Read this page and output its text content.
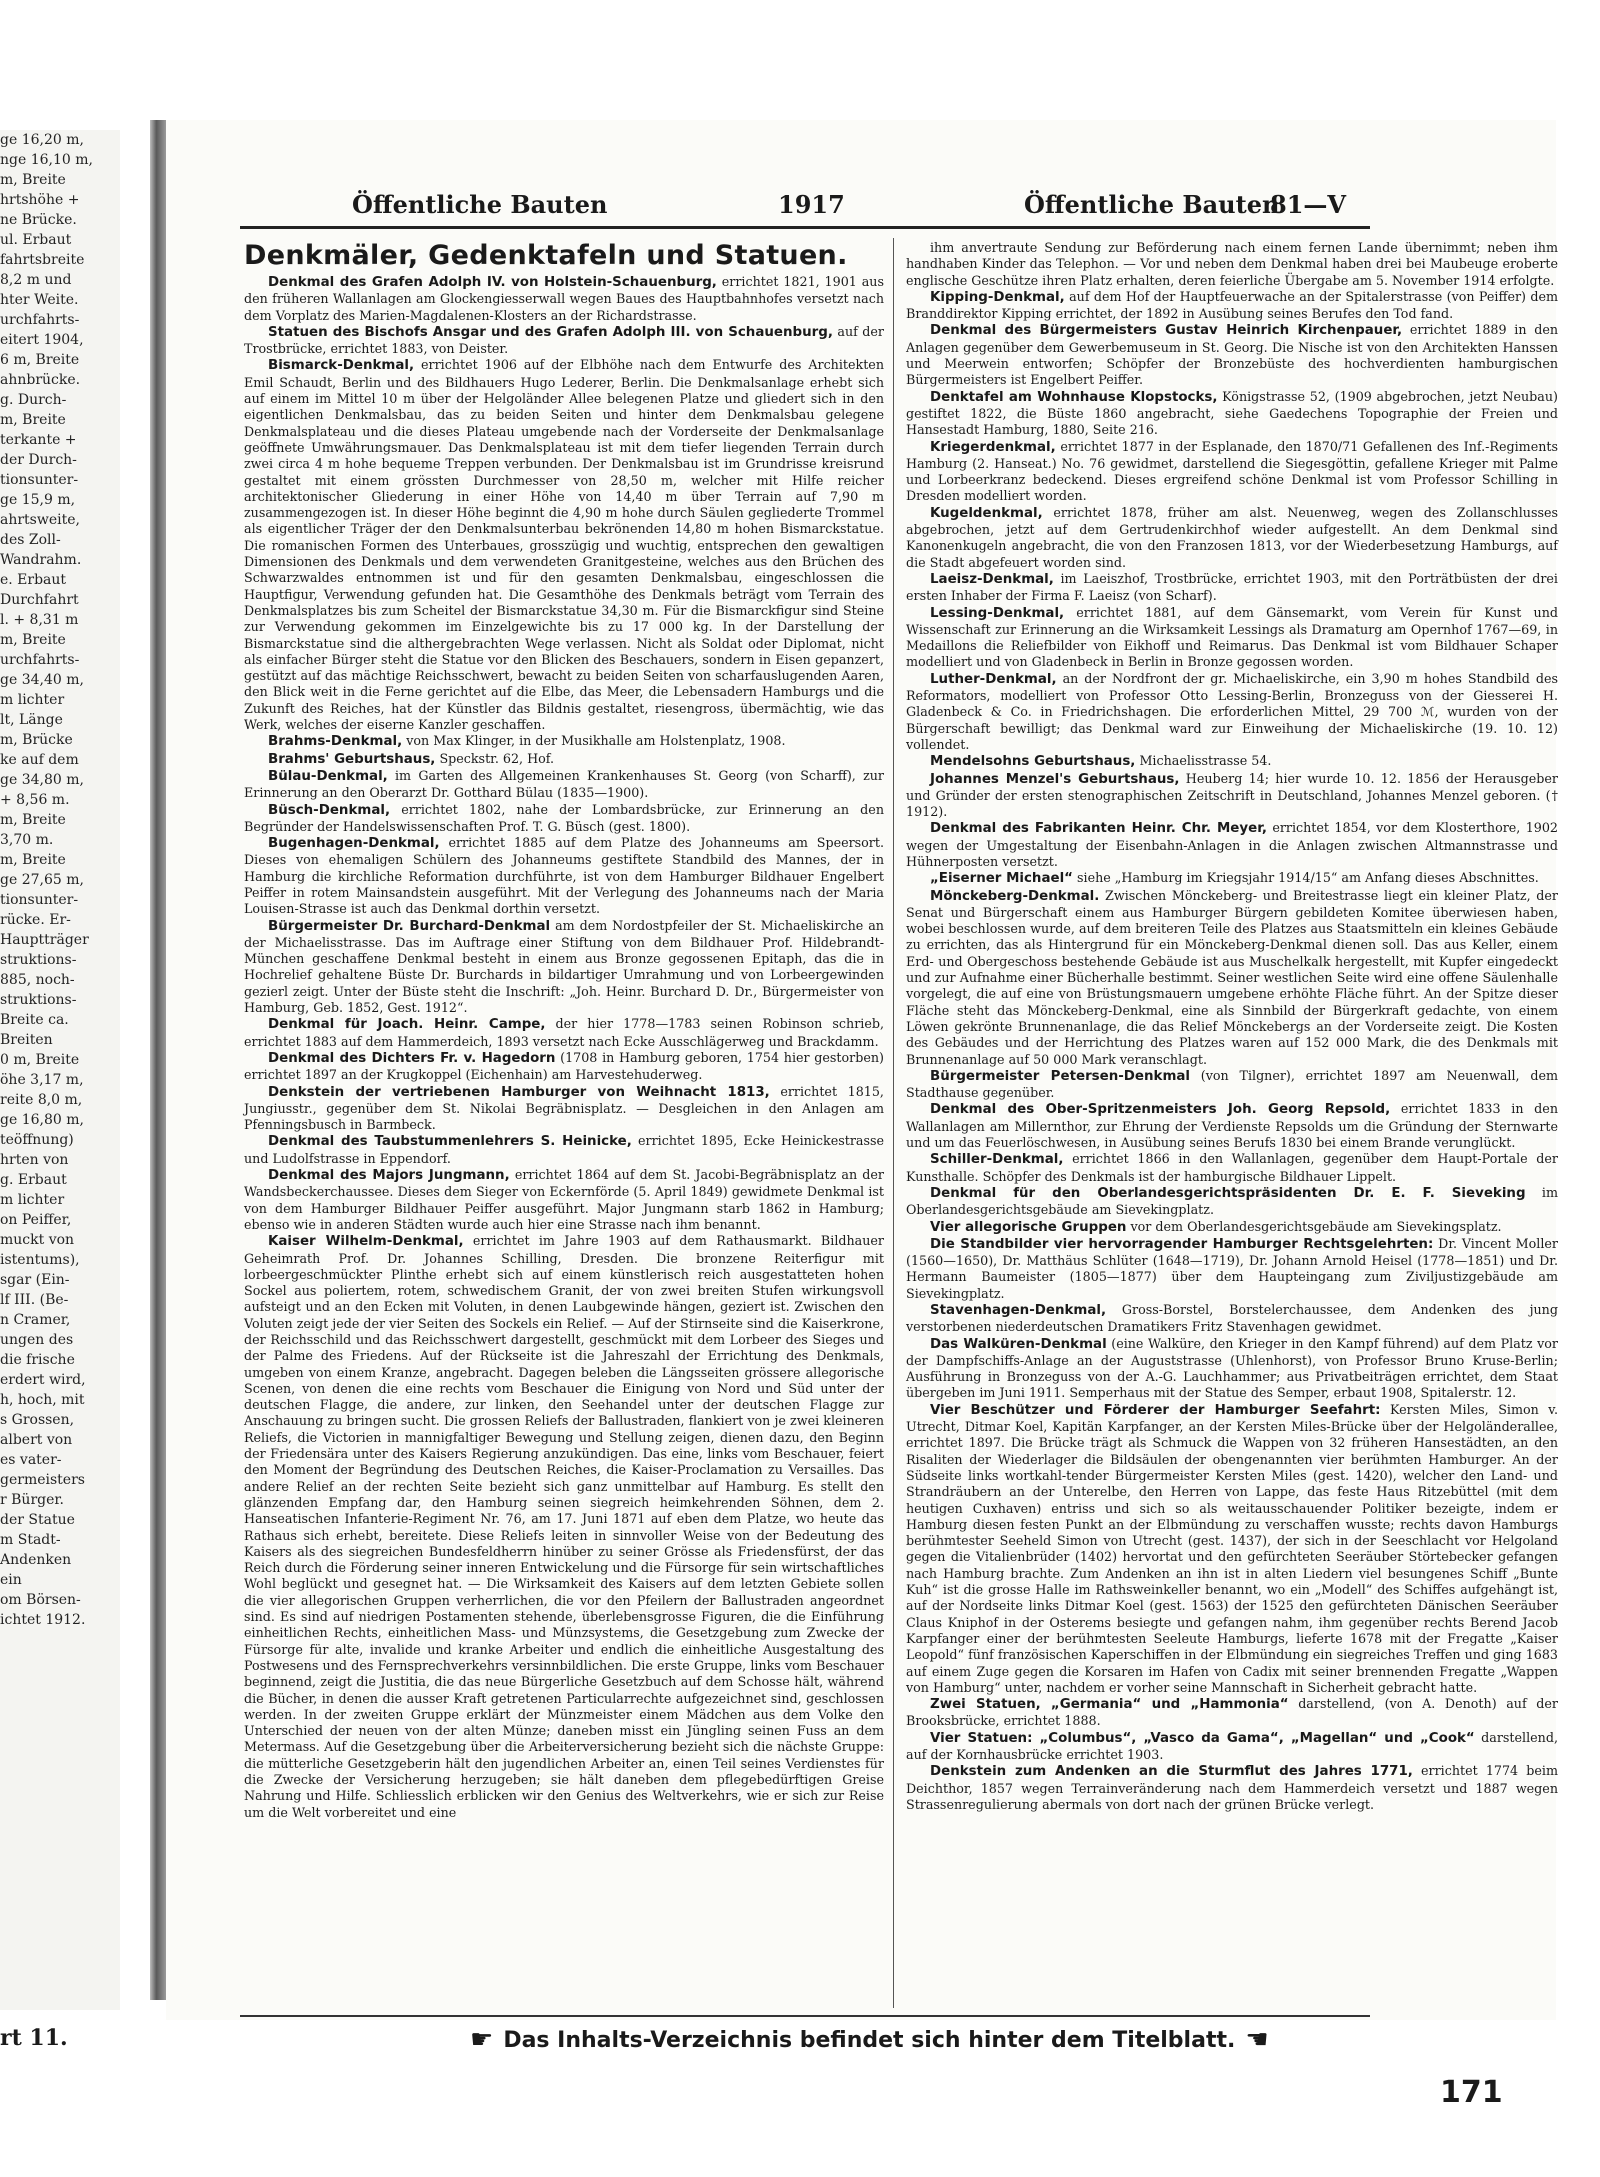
ge 16,20 m,
nge 16,10 m,
m, Breite
hrtshöhe +
ne Brücke.
ul. Erbaut
fahrtsbreite
8,2 m und
hter Weite.
urchfahrts-
eitert 1904,
6 m, Breite
ahnbrücke.
g. Durch-
m, Breite
terkante +
der Durch-
tionsunter-
ge 15,9 m,
ahrtsweite,
des Zoll-
Wandrahm.
e. Erbaut
Durchfahrt
l. + 8,31 m
m, Breite
urchfahrts-
ge 34,40 m,
m lichter
lt, Länge
m, Brücke
ke auf dem
ge 34,80 m,
+ 8,56 m.
m, Breite
3,70 m.
m, Breite
ge 27,65 m,
tionsunter-
rücke. Er-
Hauptträger
struktions-
885, noch-
struktions-
Breite ca.
Breiten
0 m, Breite
öhe 3,17 m,
reite 8,0 m,
ge 16,80 m,
teöffnung)
hrten von
g. Erbaut
m lichter
on Peiffer,
muckt von
istentums),
sgar (Ein-
lf III. (Be-
n Cramer,
ungen des
die frische
erdert wird,
h, hoch, mit
s Grossen,
albert von
es vater-
germeisters
r Bürger.
der Statue
m Stadt-
Andenken
ein
om Börsen-
ichtet 1912.
rt 11.
Öffentliche Bauten	1917	Öffentliche Bauten
81—V
Denkmäler, Gedenktafeln und Statuen.

Denkmal des Grafen Adolph IV. von Holstein-Schauenburg, errichtet 1821, 1901 aus den früheren Wallanlagen am Glockengiesserwall wegen Baues des Hauptbahnhofes versetzt nach dem Vorplatz des Marien-Magdalenen-Klosters an der Richardstrasse.

Statuen des Bischofs Ansgar und des Grafen Adolph III. von Schauenburg, auf der Trostbrücke, errichtet 1883, von Deister.

Bismarck-Denkmal, errichtet 1906 auf der Elbhöhe nach dem Entwurfe des Architekten Emil Schaudt, Berlin und des Bildhauers Hugo Lederer, Berlin. Die Denkmalsanlage erhebt sich auf einem im Mittel 10 m über der Helgoländer Allee belegenen Platze und gliedert sich in den eigentlichen Denkmalsbau, das zu beiden Seiten und hinter dem Denkmalsbau gelegene Denkmalsplateau und die dieses Plateau umgebende nach der Vorderseite der Denkmalsanlage geöffnete Umwährungsmauer. Das Denkmalsplateau ist mit dem tiefer liegenden Terrain durch zwei circa 4 m hohe bequeme Treppen verbunden. Der Denkmalsbau ist im Grundrisse kreisrund gestaltet mit einem grössten Durchmesser von 28,50 m, welcher mit Hilfe reicher architektonischer Gliederung in einer Höhe von 14,40 m über Terrain auf 7,90 m zusammengezogen ist. In dieser Höhe beginnt die 4,90 m hohe durch Säulen gegliederte Trommel als eigentlicher Träger der den Denkmalsunterbau bekrönenden 14,80 m hohen Bismarckstatue. Die romanischen Formen des Unterbaues, grosszügig und wuchtig, entsprechen den gewaltigen Dimensionen des Denkmals und dem verwendeten Granitgesteine, welches aus den Brüchen des Schwarzwaldes entnommen ist und für den gesamten Denkmalsbau, eingeschlossen die Hauptfigur, Verwendung gefunden hat. Die Gesamthöhe des Denkmals beträgt vom Terrain des Denkmalsplatzes bis zum Scheitel der Bismarckstatue 34,30 m. Für die Bismarckfigur sind Steine zur Verwendung gekommen im Einzelgewichte bis zu 17 000 kg. In der Darstellung der Bismarckstatue sind die althergebrachten Wege verlassen. Nicht als Soldat oder Diplomat, nicht als einfacher Bürger steht die Statue vor den Blicken des Beschauers, sondern in Eisen gepanzert, gestützt auf das mächtige Reichsschwert, bewacht zu beiden Seiten von scharfauslugenden Aaren, den Blick weit in die Ferne gerichtet auf die Elbe, das Meer, die Lebensadern Hamburgs und die Zukunft des Reiches, hat der Künstler das Bildnis gestaltet, riesengross, übermächtig, wie das Werk, welches der eiserne Kanzler geschaffen.

Brahms-Denkmal, von Max Klinger, in der Musikhalle am Holstenplatz, 1908.

Brahms' Geburtshaus, Speckstr. 62, Hof.

Bülau-Denkmal, im Garten des Allgemeinen Krankenhauses St. Georg (von Scharff), zur Erinnerung an den Oberarzt Dr. Gotthard Bülau (1835—1900).

Büsch-Denkmal, errichtet 1802, nahe der Lombardsbrücke, zur Erinnerung an den Begründer der Handelswissenschaften Prof. T. G. Büsch (gest. 1800).

Bugenhagen-Denkmal, errichtet 1885 auf dem Platze des Johanneums am Speersort. Dieses von ehemaligen Schülern des Johanneums gestiftete Standbild des Mannes, der in Hamburg die kirchliche Reformation durchführte, ist von dem Hamburger Bildhauer Engelbert Peiffer in rotem Mainsandstein ausgeführt. Mit der Verlegung des Johanneums nach der Maria Louisen-Strasse ist auch das Denkmal dorthin versetzt.

Bürgermeister Dr. Burchard-Denkmal am dem Nordostpfeiler der St. Michaeliskirche an der Michaelisstrasse. Das im Auftrage einer Stiftung von dem Bildhauer Prof. Hildebrandt-München geschaffene Denkmal besteht in einem aus Bronze gegossenen Epitaph, das die in Hochrelief gehaltene Büste Dr. Burchards in bildartiger Umrahmung und von Lorbeergewinden gezierl zeigt. Unter der Büste steht die Inschrift: „Joh. Heinr. Burchard D. Dr., Bürgermeister von Hamburg, Geb. 1852, Gest. 1912“.

Denkmal für Joach. Heinr. Campe, der hier 1778—1783 seinen Robinson schrieb, errichtet 1883 auf dem Hammerdeich, 1893 versetzt nach Ecke Ausschlägerweg und Brackdamm.

Denkmal des Dichters Fr. v. Hagedorn (1708 in Hamburg geboren, 1754 hier gestorben) errichtet 1897 an der Krugkoppel (Eichenhain) am Harvestehuderweg.

Denkstein der vertriebenen Hamburger von Weihnacht 1813, errichtet 1815, Jungiusstr., gegenüber dem St. Nikolai Begräbnisplatz. — Desgleichen in den Anlagen am Pfenningsbusch in Barmbeck.

Denkmal des Taubstummenlehrers S. Heinicke, errichtet 1895, Ecke Heinickestrasse und Ludolfstrasse in Eppendorf.

Denkmal des Majors Jungmann, errichtet 1864 auf dem St. Jacobi-Begräbnisplatz an der Wandsbeckerchaussee. Dieses dem Sieger von Eckernförde (5. April 1849) gewidmete Denkmal ist von dem Hamburger Bildhauer Peiffer ausgeführt. Major Jungmann starb 1862 in Hamburg; ebenso wie in anderen Städten wurde auch hier eine Strasse nach ihm benannt.

Kaiser Wilhelm-Denkmal, errichtet im Jahre 1903 auf dem Rathausmarkt. Bildhauer Geheimrath Prof. Dr. Johannes Schilling, Dresden. Die bronzene Reiterfigur mit lorbeergeschmückter Plinthe erhebt sich auf einem künstlerisch reich ausgestatteten hohen Sockel aus poliertem, rotem, schwedischem Granit, der von zwei breiten Stufen wirkungsvoll aufsteigt und an den Ecken mit Voluten, in denen Laubgewinde hängen, geziert ist. Zwischen den Voluten zeigt jede der vier Seiten des Sockels ein Relief. — Auf der Stirnseite sind die Kaiserkrone, der Reichsschild und das Reichsschwert dargestellt, geschmückt mit dem Lorbeer des Sieges und der Palme des Friedens. Auf der Rückseite ist die Jahreszahl der Errichtung des Denkmals, umgeben von einem Kranze, angebracht. Dagegen beleben die Längsseiten grössere allegorische Scenen, von denen die eine rechts vom Beschauer die Einigung von Nord und Süd unter der deutschen Flagge, die andere, zur linken, den Seehandel unter der deutschen Flagge zur Anschauung zu bringen sucht. Die grossen Reliefs der Ballustraden, flankiert von je zwei kleineren Reliefs, die Victorien in mannigfaltiger Bewegung und Stellung zeigen, dienen dazu, den Beginn der Friedensära unter des Kaisers Regierung anzukündigen. Das eine, links vom Beschauer, feiert den Moment der Begründung des Deutschen Reiches, die Kaiser-Proclamation zu Versailles. Das andere Relief an der rechten Seite bezieht sich ganz unmittelbar auf Hamburg. Es stellt den glänzenden Empfang dar, den Hamburg seinen siegreich heimkehrenden Söhnen, dem 2. Hanseatischen Infanterie-Regiment Nr. 76, am 17. Juni 1871 auf eben dem Platze, wo heute das Rathaus sich erhebt, bereitete. Diese Reliefs leiten in sinnvoller Weise von der Bedeutung des Kaisers als des siegreichen Bundesfeldherrn hinüber zu seiner Grösse als Friedensfürst, der das Reich durch die Förderung seiner inneren Entwickelung und die Fürsorge für sein wirtschaftliches Wohl beglückt und gesegnet hat. — Die Wirksamkeit des Kaisers auf dem letzten Gebiete sollen die vier allegorischen Gruppen verherrlichen, die vor den Pfeilern der Ballustraden angeordnet sind. Es sind auf niedrigen Postamenten stehende, überlebensgrosse Figuren, die die Einführung einheitlichen Rechts, einheitlichen Mass- und Münzsystems, die Gesetzgebung zum Zwecke der Fürsorge für alte, invalide und kranke Arbeiter und endlich die einheitliche Ausgestaltung des Postwesens und des Fernsprechverkehrs versinnbildlichen. Die erste Gruppe, links vom Beschauer beginnend, zeigt die Justitia, die das neue Bürgerliche Gesetzbuch auf dem Schosse hält, während die Bücher, in denen die ausser Kraft getretenen Particularrechte aufgezeichnet sind, geschlossen werden. In der zweiten Gruppe erklärt der Münzmeister einem Mädchen aus dem Volke den Unterschied der neuen von der alten Münze; daneben misst ein Jüngling seinen Fuss an dem Metermass. Auf die Gesetzgebung über die Arbeiterversicherung bezieht sich die nächste Gruppe: die mütterliche Gesetzgeberin hält den jugendlichen Arbeiter an, einen Teil seines Verdienstes für die Zwecke der Versicherung herzugeben; sie hält daneben dem pflegebedürftigen Greise Nahrung und Hilfe. Schliesslich erblicken wir den Genius des Weltverkehrs, wie er sich zur Reise um die Welt vorbereitet und eine

ihm anvertraute Sendung zur Beförderung nach einem fernen Lande übernimmt; neben ihm handhaben Kinder das Telephon. — Vor und neben dem Denkmal haben drei bei Maubeuge eroberte englische Geschütze ihren Platz erhalten, deren feierliche Übergabe am 5. November 1914 erfolgte.

Kipping-Denkmal, auf dem Hof der Hauptfeuerwache an der Spitalerstrasse (von Peiffer) dem Branddirektor Kipping errichtet, der 1892 in Ausübung seines Berufes den Tod fand.

Denkmal des Bürgermeisters Gustav Heinrich Kirchenpauer, errichtet 1889 in den Anlagen gegenüber dem Gewerbemuseum in St. Georg. Die Nische ist von den Architekten Hanssen und Meerwein entworfen; Schöpfer der Bronzebüste des hochverdienten hamburgischen Bürgermeisters ist Engelbert Peiffer.

Denktafel am Wohnhause Klopstocks, Königstrasse 52, (1909 abgebrochen, jetzt Neubau) gestiftet 1822, die Büste 1860 angebracht, siehe Gaedechens Topographie der Freien und Hansestadt Hamburg, 1880, Seite 216.

Kriegerdenkmal, errichtet 1877 in der Esplanade, den 1870/71 Gefallenen des Inf.-Regiments Hamburg (2. Hanseat.) No. 76 gewidmet, darstellend die Siegesgöttin, gefallene Krieger mit Palme und Lorbeerkranz bedeckend. Dieses ergreifend schöne Denkmal ist vom Professor Schilling in Dresden modelliert worden.

Kugeldenkmal, errichtet 1878, früher am alst. Neuenweg, wegen des Zollanschlusses abgebrochen, jetzt auf dem Gertrudenkirchhof wieder aufgestellt. An dem Denkmal sind Kanonenkugeln angebracht, die von den Franzosen 1813, vor der Wiederbesetzung Hamburgs, auf die Stadt abgefeuert worden sind.

Laeisz-Denkmal, im Laeiszhof, Trostbrücke, errichtet 1903, mit den Porträtbüsten der drei ersten Inhaber der Firma F. Laeisz (von Scharf).

Lessing-Denkmal, errichtet 1881, auf dem Gänsemarkt, vom Verein für Kunst und Wissenschaft zur Erinnerung an die Wirksamkeit Lessings als Dramaturg am Opernhof 1767—69, in Medaillons die Reliefbilder von Eikhoff und Reimarus. Das Denkmal ist vom Bildhauer Schaper modelliert und von Gladenbeck in Berlin in Bronze gegossen worden.

Luther-Denkmal, an der Nordfront der gr. Michaeliskirche, ein 3,90 m hohes Standbild des Reformators, modelliert von Professor Otto Lessing-Berlin, Bronzeguss von der Giesserei H. Gladenbeck & Co. in Friedrichshagen. Die erforderlichen Mittel, 29 700 ℳ, wurden von der Bürgerschaft bewilligt; das Denkmal ward zur Einweihung der Michaeliskirche (19. 10. 12) vollendet.

Mendelsohns Geburtshaus, Michaelisstrasse 54.

Johannes Menzel's Geburtshaus, Heuberg 14; hier wurde 10. 12. 1856 der Herausgeber und Gründer der ersten stenographischen Zeitschrift in Deutschland, Johannes Menzel geboren. († 1912).

Denkmal des Fabrikanten Heinr. Chr. Meyer, errichtet 1854, vor dem Klosterthore, 1902 wegen der Umgestaltung der Eisenbahn-Anlagen in die Anlagen zwischen Altmannstrasse und Hühnerposten versetzt.

„Eiserner Michael“ siehe „Hamburg im Kriegsjahr 1914/15“ am Anfang dieses Abschnittes.

Mönckeberg-Denkmal. Zwischen Mönckeberg- und Breitestrasse liegt ein kleiner Platz, der Senat und Bürgerschaft einem aus Hamburger Bürgern gebildeten Komitee überwiesen haben, wobei beschlossen wurde, auf dem breiteren Teile des Platzes aus Staatsmitteln ein kleines Gebäude zu errichten, das als Hintergrund für ein Mönckeberg-Denkmal dienen soll. Das aus Keller, einem Erd- und Obergeschoss bestehende Gebäude ist aus Muschelkalk hergestellt, mit Kupfer eingedeckt und zur Aufnahme einer Bücherhalle bestimmt. Seiner westlichen Seite wird eine offene Säulenhalle vorgelegt, die auf eine von Brüstungsmauern umgebene erhöhte Fläche führt. An der Spitze dieser Fläche steht das Mönckeberg-Denkmal, eine als Sinnbild der Bürgerkraft gedachte, von einem Löwen gekrönte Brunnenanlage, die das Relief Mönckebergs an der Vorderseite zeigt. Die Kosten des Gebäudes und der Herrichtung des Platzes waren auf 152 000 Mark, die des Denkmals mit Brunnenanlage auf 50 000 Mark veranschlagt.

Bürgermeister Petersen-Denkmal (von Tilgner), errichtet 1897 am Neuenwall, dem Stadthause gegenüber.

Denkmal des Ober-Spritzenmeisters Joh. Georg Repsold, errichtet 1833 in den Wallanlagen am Millernthor, zur Ehrung der Verdienste Repsolds um die Gründung der Sternwarte und um das Feuerlöschwesen, in Ausübung seines Berufs 1830 bei einem Brande verunglückt.

Schiller-Denkmal, errichtet 1866 in den Wallanlagen, gegenüber dem Haupt-Portale der Kunsthalle. Schöpfer des Denkmals ist der hamburgische Bildhauer Lippelt.

Denkmal für den Oberlandesgerichtspräsidenten Dr. E. F. Sieveking im Oberlandesgerichtsgebäude am Sievekingplatz.

Vier allegorische Gruppen vor dem Oberlandesgerichtsgebäude am Sievekingsplatz.

Die Standbilder vier hervorragender Hamburger Rechtsgelehrten: Dr. Vincent Moller (1560—1650), Dr. Matthäus Schlüter (1648—1719), Dr. Johann Arnold Heisel (1778—1851) und Dr. Hermann Baumeister (1805—1877) über dem Haupteingang zum Ziviljustizgebäude am Sievekingplatz.

Stavenhagen-Denkmal, Gross-Borstel, Borstelerchaussee, dem Andenken des jung verstorbenen niederdeutschen Dramatikers Fritz Stavenhagen gewidmet.

Das Walküren-Denkmal (eine Walküre, den Krieger in den Kampf führend) auf dem Platz vor der Dampfschiffs-Anlage an der Auguststrasse (Uhlenhorst), von Professor Bruno Kruse-Berlin; Ausführung in Bronzeguss von der A.-G. Lauchhammer; aus Privatbeiträgen errichtet, dem Staat übergeben im Juni 1911. Semperhaus mit der Statue des Semper, erbaut 1908, Spitalerstr. 12.

Vier Beschützer und Förderer der Hamburger Seefahrt: Kersten Miles, Simon v. Utrecht, Ditmar Koel, Kapitän Karpfanger, an der Kersten Miles-Brücke über der Helgoländerallee, errichtet 1897. Die Brücke trägt als Schmuck die Wappen von 32 früheren Hansestädten, an den Risaliten der Wiederlager die Bildsäulen der obengenannten vier berühmten Hamburger. An der Südseite links wortkahl-tender Bürgermeister Kersten Miles (gest. 1420), welcher den Land- und Strandräubern an der Unterelbe, den Herren von Lappe, das feste Haus Ritzebüttel (mit dem heutigen Cuxhaven) entriss und sich so als weitausschauender Politiker bezeigte, indem er Hamburg diesen festen Punkt an der Elbmündung zu verschaffen wusste; rechts davon Hamburgs berühmtester Seeheld Simon von Utrecht (gest. 1437), der sich in der Seeschlacht vor Helgoland gegen die Vitalienbrüder (1402) hervortat und den gefürchteten Seeräuber Störtebecker gefangen nach Hamburg brachte. Zum Andenken an ihn ist in alten Liedern viel besungenes Schiff „Bunte Kuh“ ist die grosse Halle im Rathsweinkeller benannt, wo ein „Modell“ des Schiffes aufgehängt ist, auf der Nordseite links Ditmar Koel (gest. 1563) der 1525 den gefürchteten Dänischen Seeräuber Claus Kniphof in der Osterems besiegte und gefangen nahm, ihm gegenüber rechts Berend Jacob Karpfanger einer der berühmtesten Seeleute Hamburgs, lieferte 1678 mit der Fregatte „Kaiser Leopold“ fünf französischen Kaperschiffen in der Elbmündung ein siegreiches Treffen und ging 1683 auf einem Zuge gegen die Korsaren im Hafen von Cadix mit seiner brennenden Fregatte „Wappen von Hamburg“ unter, nachdem er vorher seine Mannschaft in Sicherheit gebracht hatte.

Zwei Statuen, „Germania“ und „Hammonia“ darstellend, (von A. Denoth) auf der Brooksbrücke, errichtet 1888.

Vier Statuen: „Columbus“, „Vasco da Gama“, „Magellan“ und „Cook“ darstellend, auf der Kornhausbrücke errichtet 1903.

Denkstein zum Andenken an die Sturmflut des Jahres 1771, errichtet 1774 beim Deichthor, 1857 wegen Terrainveränderung nach dem Hammerdeich versetzt und 1887 wegen Strassenregulierung abermals von dort nach der grünen Brücke verlegt.

☛ Das Inhalts-Verzeichnis befindet sich hinter dem Titelblatt. ☚
171
